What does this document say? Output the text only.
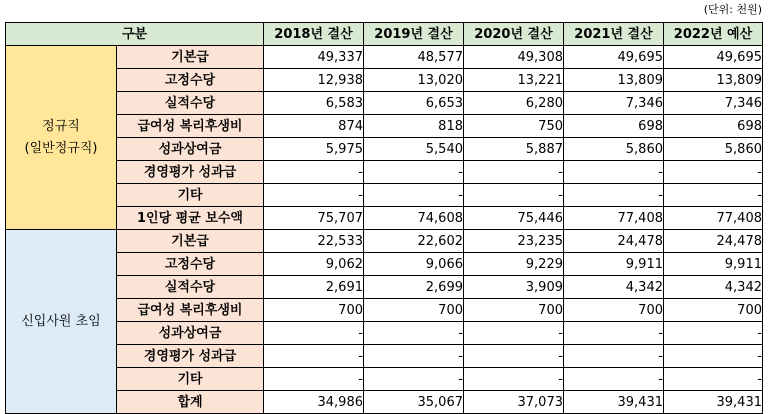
(단위: 천원)
구분		2018년 결산	2019년 결산	2020년 결산	2021년 결산	2022년 예산

정규직
(일반정규직)	기본급	49,337	48,577	49,308	49,695	49,695
	고정수당	12,938	13,020	13,221	13,809	13,809
	실적수당	6,583	6,653	6,280	7,346	7,346
	급여성 복리후생비	874	818	750	698	698
	성과상여금	5,975	5,540	5,887	5,860	5,860
	경영평가 성과급	-	-	-	-	-
	기타	-	-	-	-	-
	1인당 평균 보수액	75,707	74,608	75,446	77,408	77,408

신입사원 초임	기본급	22,533	22,602	23,235	24,478	24,478
	고정수당	9,062	9,066	9,229	9,911	9,911
	실적수당	2,691	2,699	3,909	4,342	4,342
	급여성 복리후생비	700	700	700	700	700
	성과상여금	-	-	-	-	-
	경영평가 성과급	-	-	-	-	-
	기타	-	-	-	-	-
	합계	34,986	35,067	37,073	39,431	39,431
